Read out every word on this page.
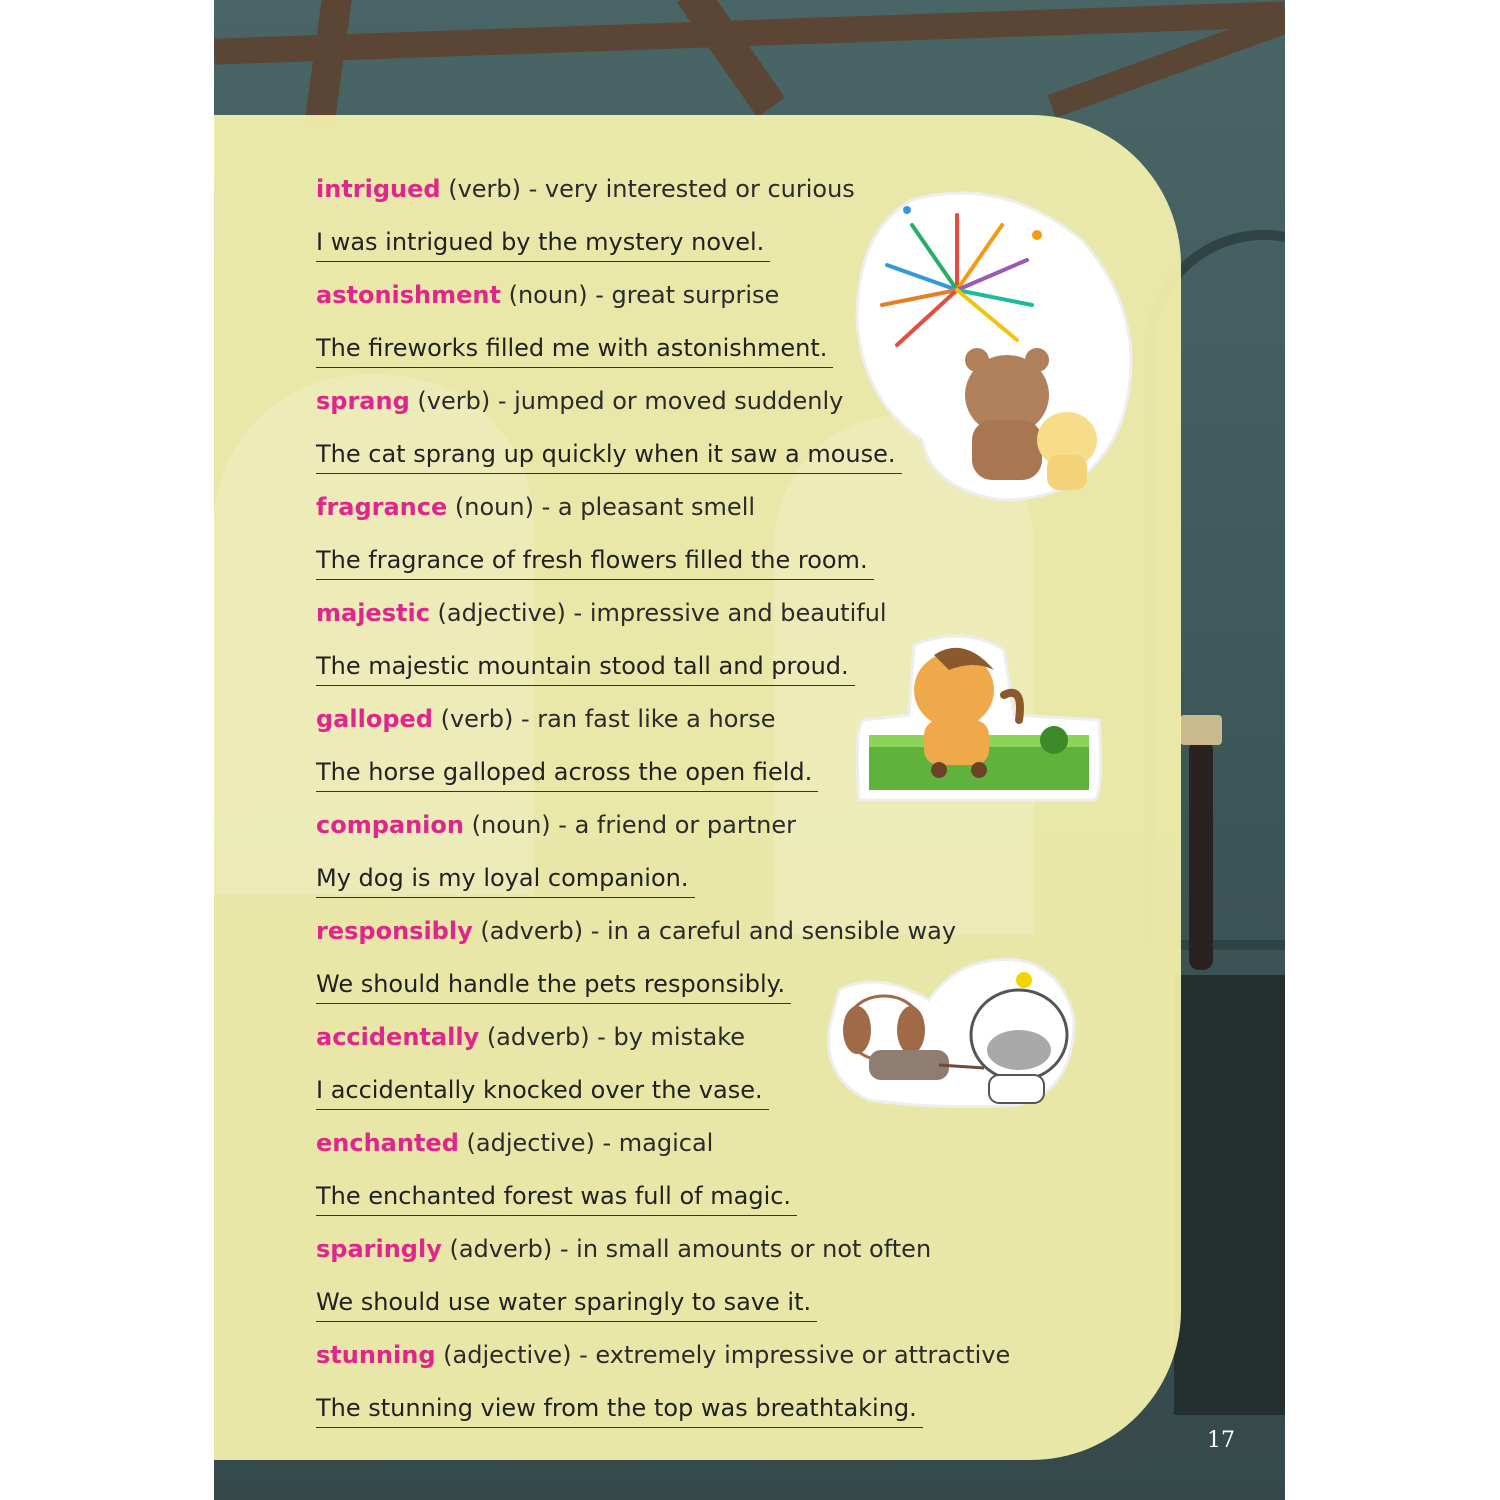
intrigued (verb) - very interested or curious
I was intrigued by the mystery novel.
astonishment (noun) - great surprise
The fireworks filled me with astonishment.
sprang (verb) - jumped or moved suddenly
The cat sprang up quickly when it saw a mouse.
fragrance (noun) - a pleasant smell
The fragrance of fresh flowers filled the room.
majestic (adjective) - impressive and beautiful
The majestic mountain stood tall and proud.
galloped (verb) - ran fast like a horse
The horse galloped across the open field.
companion (noun) - a friend or partner
My dog is my loyal companion.
responsibly (adverb) - in a careful and sensible way
We should handle the pets responsibly.
accidentally (adverb) - by mistake
I accidentally knocked over the vase.
enchanted (adjective) - magical
The enchanted forest was full of magic.
sparingly (adverb) - in small amounts or not often
We should use water sparingly to save it.
stunning (adjective) - extremely impressive or attractive
The stunning view from the top was breathtaking.
17
